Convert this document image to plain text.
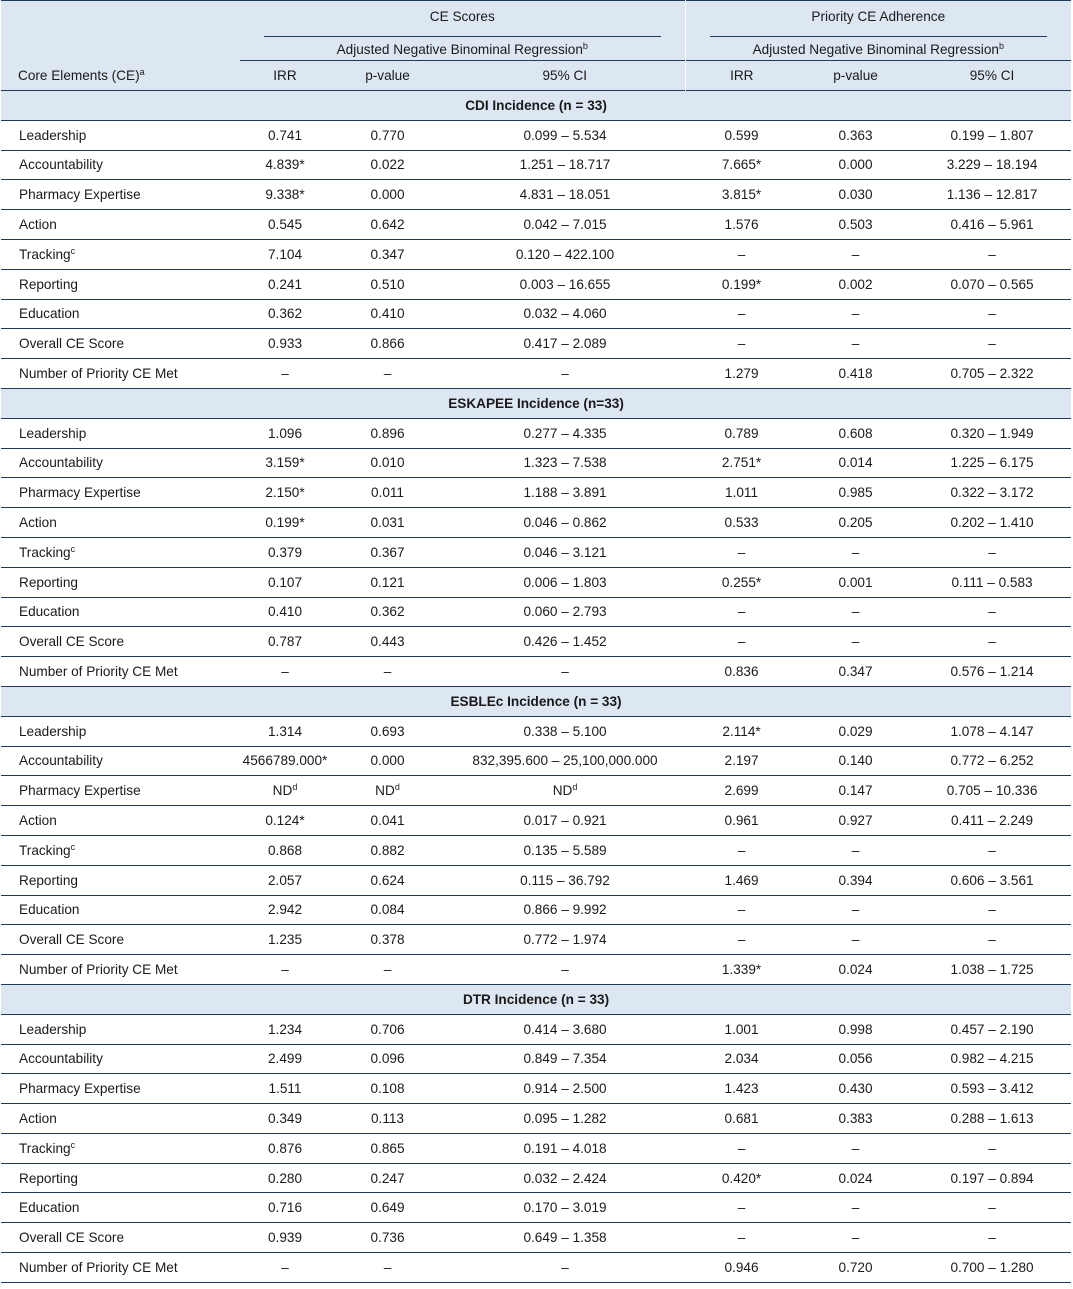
Core Elements (CE)$^a$	CE Scores			Priority CE Adherence		

	Adjusted Negative Binominal Regression$^b$			Adjusted Negative Binominal Regression$^b$

	IRR	p-value	95% CI	IRR	p-value	95% CI
CDI Incidence (n = 33)						
Leadership	0.741	0.770	0.099 – 5.534	0.599	0.363	0.199 – 1.807
Accountability	4.839*	0.022	1.251 – 18.717	7.665*	0.000	3.229 – 18.194
Pharmacy Expertise	9.338*	0.000	4.831 – 18.051	3.815*	0.030	1.136 – 12.817
Action	0.545	0.642	0.042 – 7.015	1.576	0.503	0.416 – 5.961
Tracking$^c$	7.104	0.347	0.120 – 422.100	–	–	–
Reporting	0.241	0.510	0.003 – 16.655	0.199*	0.002	0.070 – 0.565
Education	0.362	0.410	0.032 – 4.060	–	–	–
Overall CE Score	0.933	0.866	0.417 – 2.089	–	–	–
Number of Priority CE Met	–	–	–	1.279	0.418	0.705 – 2.322
ESKAPEE Incidence (n=33)						
Leadership	1.096	0.896	0.277 – 4.335	0.789	0.608	0.320 – 1.949
Accountability	3.159*	0.010	1.323 – 7.538	2.751*	0.014	1.225 – 6.175
Pharmacy Expertise	2.150*	0.011	1.188 – 3.891	1.011	0.985	0.322 – 3.172
Action	0.199*	0.031	0.046 – 0.862	0.533	0.205	0.202 – 1.410
Tracking$^c$	0.379	0.367	0.046 – 3.121	–	–	–
Reporting	0.107	0.121	0.006 – 1.803	0.255*	0.001	0.111 – 0.583
Education	0.410	0.362	0.060 – 2.793	–	–	–
Overall CE Score	0.787	0.443	0.426 – 1.452	–	–	–
Number of Priority CE Met	–	–	–	0.836	0.347	0.576 – 1.214
ESBLEc Incidence (n = 33)						
Leadership	1.314	0.693	0.338 – 5.100	2.114*	0.029	1.078 – 4.147
Accountability	4566789.000*	0.000	832,395.600 – 25,100,000.000	2.197	0.140	0.772 – 6.252
Pharmacy Expertise	$ND^d$	$ND^d$	$ND^d$	2.699	0.147	0.705 – 10.336
Action	0.124*	0.041	0.017 – 0.921	0.961	0.927	0.411 – 2.249
Tracking$^c$	0.868	0.882	0.135 – 5.589	–	–	–
Reporting	2.057	0.624	0.115 – 36.792	1.469	0.394	0.606 – 3.561
Education	2.942	0.084	0.866 – 9.992	–	–	–
Overall CE Score	1.235	0.378	0.772 – 1.974	–	–	–
Number of Priority CE Met	–	–	–	1.339*	0.024	1.038 – 1.725
DTR Incidence (n = 33)						
Leadership	1.234	0.706	0.414 – 3.680	1.001	0.998	0.457 – 2.190
Accountability	2.499	0.096	0.849 – 7.354	2.034	0.056	0.982 – 4.215
Pharmacy Expertise	1.511	0.108	0.914 – 2.500	1.423	0.430	0.593 – 3.412
Action	0.349	0.113	0.095 – 1.282	0.681	0.383	0.288 – 1.613
Tracking$^c$	0.876	0.865	0.191 – 4.018	–	–	–
Reporting	0.280	0.247	0.032 – 2.424	0.420*	0.024	0.197 – 0.894
Education	0.716	0.649	0.170 – 3.019	–	–	–
Overall CE Score	0.939	0.736	0.649 – 1.358	–	–	–
Number of Priority CE Met	–	–	–	0.946	0.720	0.700 – 1.280
